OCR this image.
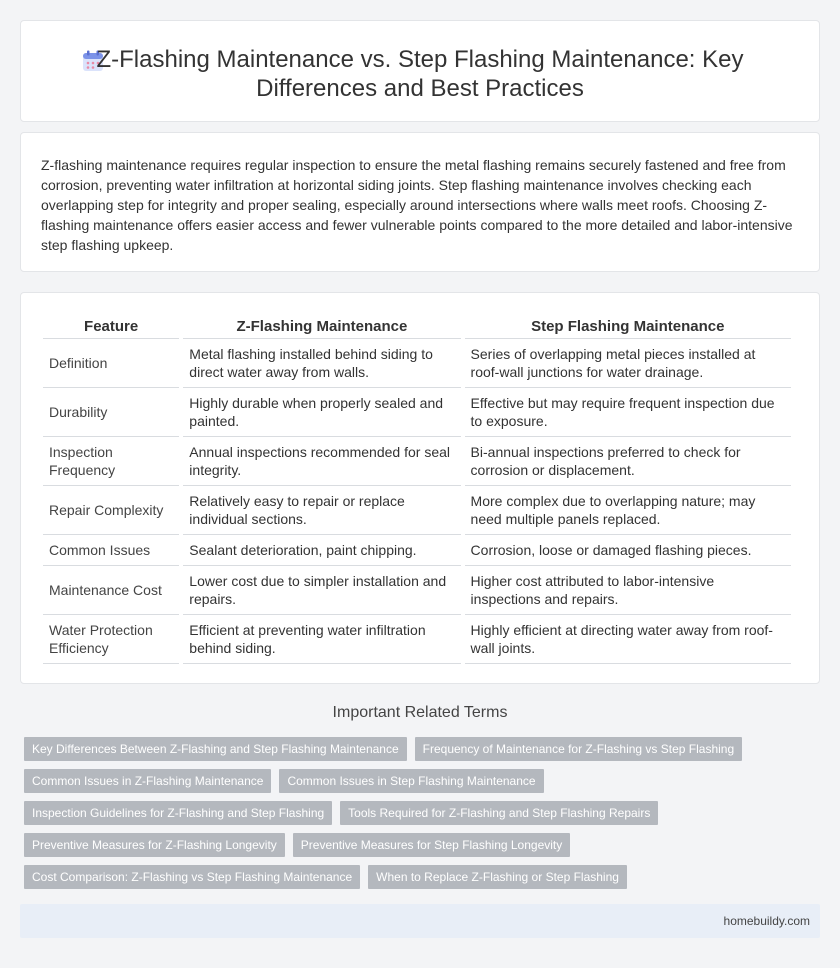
Z-Flashing Maintenance vs. Step Flashing Maintenance: Key Differences and Best Practices

Z-flashing maintenance requires regular inspection to ensure the metal flashing remains securely fastened and free from corrosion, preventing water infiltration at horizontal siding joints. Step flashing maintenance involves checking each overlapping step for integrity and proper sealing, especially around intersections where walls meet roofs. Choosing Z-flashing maintenance offers easier access and fewer vulnerable points compared to the more detailed and labor-intensive step flashing upkeep.

Feature	Z-Flashing Maintenance	Step Flashing Maintenance
Definition	Metal flashing installed behind siding to direct water away from walls.	Series of overlapping metal pieces installed at roof-wall junctions for water drainage.
Durability	Highly durable when properly sealed and painted.	Effective but may require frequent inspection due to exposure.
Inspection Frequency	Annual inspections recommended for seal integrity.	Bi-annual inspections preferred to check for corrosion or displacement.
Repair Complexity	Relatively easy to repair or replace individual sections.	More complex due to overlapping nature; may need multiple panels replaced.
Common Issues	Sealant deterioration, paint chipping.	Corrosion, loose or damaged flashing pieces.
Maintenance Cost	Lower cost due to simpler installation and repairs.	Higher cost attributed to labor-intensive inspections and repairs.
Water Protection Efficiency	Efficient at preventing water infiltration behind siding.	Highly efficient at directing water away from roof-wall joints.
Important Related Terms
Key Differences Between Z-Flashing and Step Flashing Maintenance	Frequency of Maintenance for Z-Flashing vs Step Flashing
Common Issues in Z-Flashing Maintenance	Common Issues in Step Flashing Maintenance
Inspection Guidelines for Z-Flashing and Step Flashing	Tools Required for Z-Flashing and Step Flashing Repairs
Preventive Measures for Z-Flashing Longevity	Preventive Measures for Step Flashing Longevity
Cost Comparison: Z-Flashing vs Step Flashing Maintenance	When to Replace Z-Flashing or Step Flashing
homebuildy.com
